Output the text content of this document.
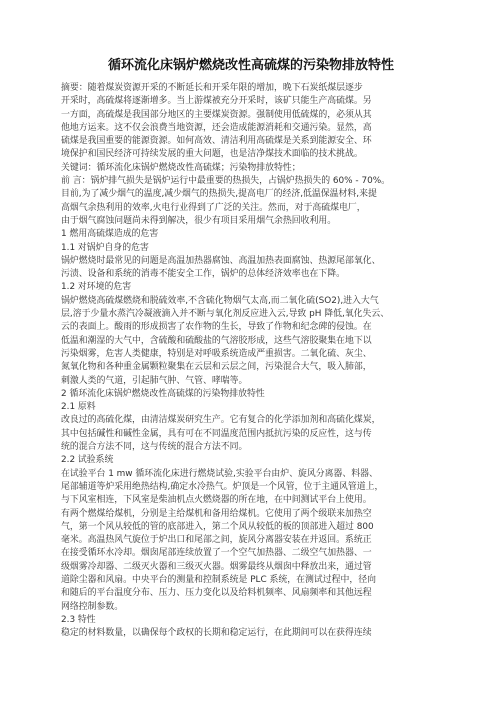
循环流化床锅炉燃烧改性高硫煤的污染物排放特性
摘要：随着煤炭资源开采的不断延长和开采年限的增加，晚下石炭纸煤层逐步
开采时，高硫煤将逐渐增多。当上游煤被充分开采时，该矿只能生产高硫煤。另
一方面，高硫煤是我国部分地区的主要煤炭资源。强制使用低硫煤的，必须从其
他地方运来。这不仅会浪费当地资源，还会造成能源消耗和交通污染。显然，高
硫煤是我国重要的能源资源。如何高效、清洁利用高硫煤是关系到能源安全、环
境保护和国民经济可持续发展的重大问题，也是洁净煤技术面临的技术挑战。
关键词：循环流化床锅炉燃烧改性高硫煤；污染物排放特性；
前 言：锅炉排气损失是锅炉运行中最重要的热损失，占锅炉热损失的 60% - 70%。
目前,为了减少烟气的温度,减少烟气的热损失,提高电厂的经济,低温保温材料,来提
高烟气余热利用的效率,火电行业得到了广泛的关注。然而，对于高硫煤电厂，
由于烟气腐蚀问题尚未得到解决，很少有项目采用烟气余热回收利用。
1 燃用高硫煤造成的危害
1.1 对锅炉自身的危害
锅炉燃烧时最常见的问题是高温加热器腐蚀、高温加热表面腐蚀、热源尾部氧化、
污渍、设备和系统的消毒不能安全工作，锅炉的总体经济效率也在下降。
1.2 对环境的危害
锅炉燃烧高硫煤燃烧和脱硫效率,不含硫化物烟气太高,而二氧化硫(SO2),进入大气
层,溶于少量水蒸汽冷凝液滴入并不断与氧化剂反应进入云,导致 pH 降低,氧化失云、
云的表面上。酸雨的形成损害了农作物的生长，导致了作物和纪念碑的侵蚀。在
低温和潮湿的大气中，含硫酸和硫酸盐的气溶胶形成，这些气溶胶聚集在地下以
污染烟雾，危害人类健康，特别是对呼吸系统造成严重损害。二氧化硫、灰尘、
氮氧化物和各种重金属颗粒聚集在云层和云层之间，污染混合大气，吸入肺部，
刺激人类的气道，引起肺气肿、气管、哮喘等。
2 循环流化床锅炉燃烧改性高硫煤的污染物排放特性
2.1 原料
改良过的高硫化煤，由清洁煤炭研究生产。它有复合的化学添加剂和高硫化煤炭，
其中包括碱性和碱性金属，具有可在不同温度范围内抵抗污染的反应性，这与传
统的混合方法不同，这与传统的混合方法不同。
2.2 试验系统
在试验平台 1 mw 循环流化床进行燃烧试验,实验平台由炉、旋风分离器、料器、
尾部辅道等炉采用绝热结构,确定水冷热气。炉顶是一个风管，位于主通风管道上，
与下风室相连，下风室是柴油机点火燃烧器的所在地，在中间测试平台上使用。
有两个燃煤给煤机，分别是主给煤机和备用给煤机。它使用了两个级联来加热空
气，第一个风从较低的管的底部进入，第二个风从较低的板的顶部进入超过 800
毫米。高温热风气旋位于炉出口和尾部之间，旋风分离器安装在并返回。系统正
在接受循环水冷却。烟囱尾部连续放置了一个空气加热器、二级空气加热器、一
级烟雾冷却器、二级灭火器和三级灭火器。烟雾最终从烟囱中释放出来，通过管
道除尘器和风扇。中央平台的测量和控制系统是 PLC 系统，在测试过程中，径向
和随后的平台温度分布、压力、压力变化以及给料机频率、风扇频率和其他远程
网络控制参数。
2.3 特性
稳定的材料数量，以确保每个政权的长期和稳定运行，在此期间可以在获得连续
